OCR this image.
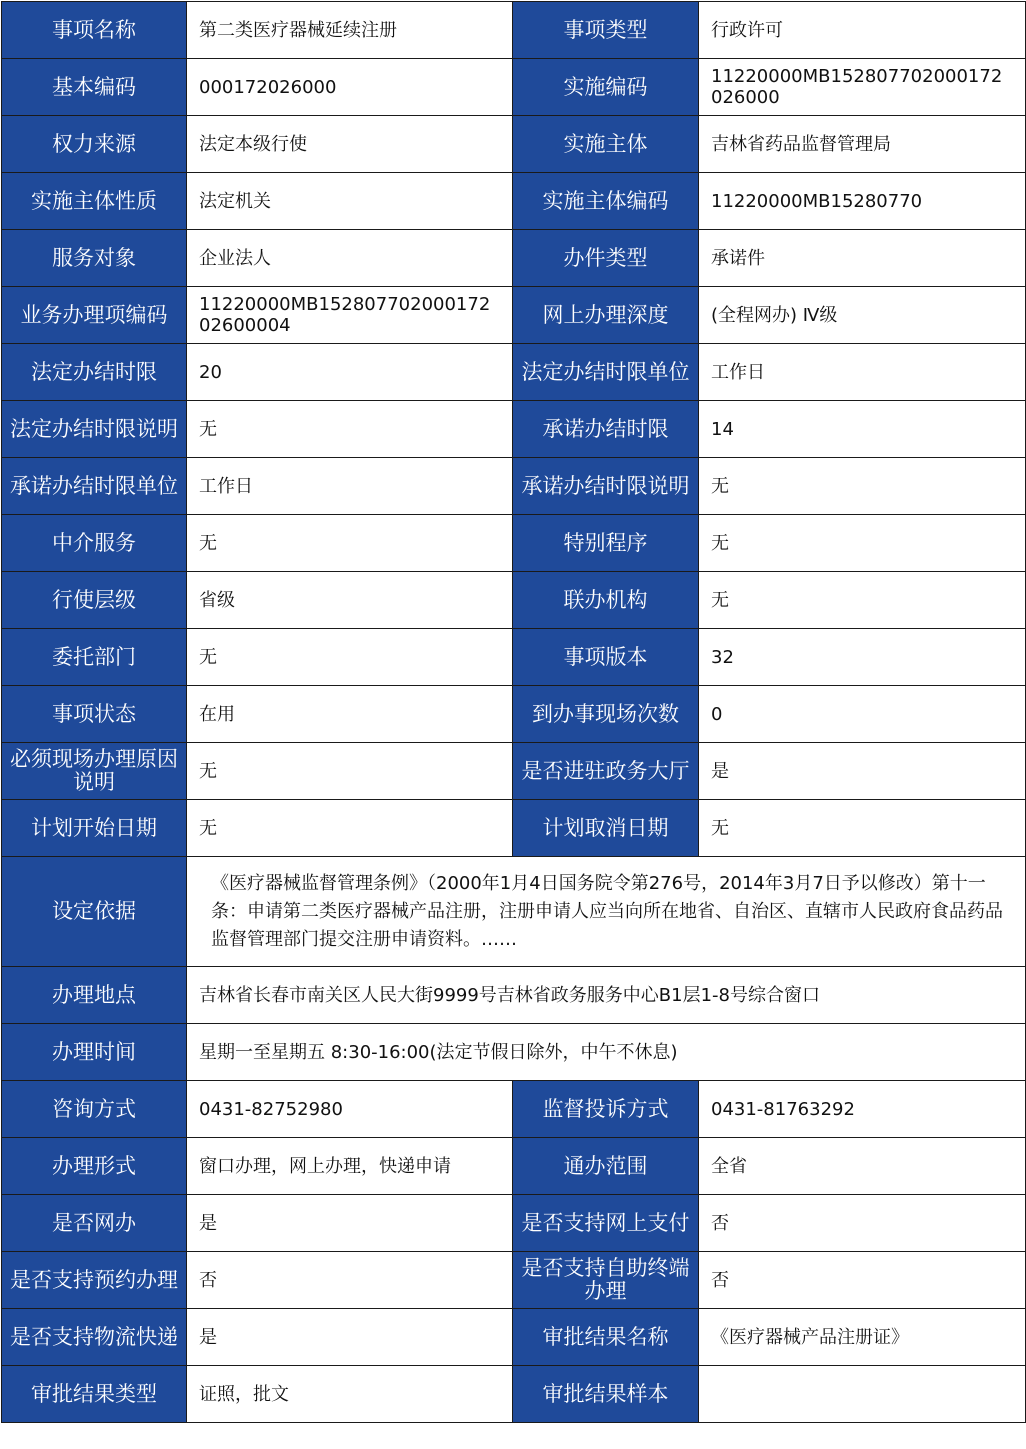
事项名称	第二类医疗器械延续注册	事项类型	行政许可
基本编码	000172026000	实施编码	11220000MB152807702000172026000
权力来源	法定本级行使	实施主体	吉林省药品监督管理局
实施主体性质	法定机关	实施主体编码	11220000MB15280770
服务对象	企业法人	办件类型	承诺件
业务办理项编码	11220000MB15280770200017202600004	网上办理深度	(全程网办) Ⅳ级
法定办结时限	20	法定办结时限单位	工作日
法定办结时限说明	无	承诺办结时限	14
承诺办结时限单位	工作日	承诺办结时限说明	无
中介服务	无	特别程序	无
行使层级	省级	联办机构	无
委托部门	无	事项版本	32
事项状态	在用	到办事现场次数	0
必须现场办理原因说明	无	是否进驻政务大厅	是
计划开始日期	无	计划取消日期	无
设定依据	《医疗器械监督管理条例》（2000年1月4日国务院令第276号，2014年3月7日予以修改）第十一条：申请第二类医疗器械产品注册，注册申请人应当向所在地省、自治区、直辖市人民政府食品药品监督管理部门提交注册申请资料。……		

办理地点	吉林省长春市南关区人民大街9999号吉林省政务服务中心B1层1-8号综合窗口		
办理时间	星期一至星期五 8:30-16:00(法定节假日除外，中午不休息)		
咨询方式	0431-82752980	监督投诉方式	0431-81763292
办理形式	窗口办理，网上办理，快递申请	通办范围	全省
是否网办	是	是否支持网上支付	否
是否支持预约办理	否	是否支持自助终端办理	否
是否支持物流快递	是	审批结果名称	《医疗器械产品注册证》
审批结果类型	证照，批文	审批结果样本	
